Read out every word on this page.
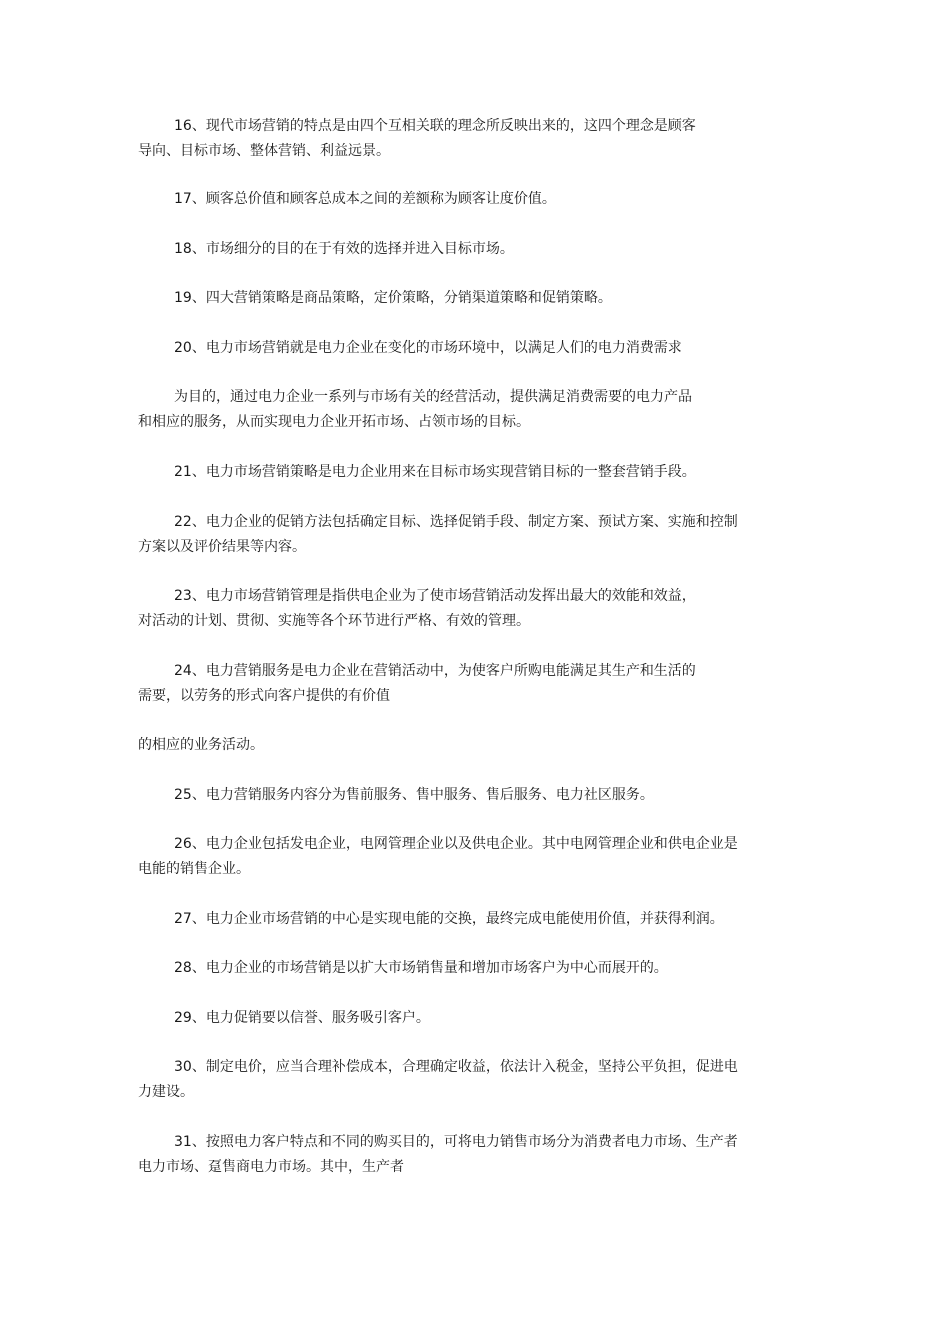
16、现代市场营销的特点是由四个互相关联的理念所反映出来的，这四个理念是顾客
导向、目标市场、整体营销、利益远景。
17、顾客总价值和顾客总成本之间的差额称为顾客让度价值。
18、市场细分的目的在于有效的选择并进入目标市场。
19、四大营销策略是商品策略，定价策略，分销渠道策略和促销策略。
20、电力市场营销就是电力企业在变化的市场环境中，以满足人们的电力消费需求
为目的，通过电力企业一系列与市场有关的经营活动，提供满足消费需要的电力产品
和相应的服务，从而实现电力企业开拓市场、占领市场的目标。
21、电力市场营销策略是电力企业用来在目标市场实现营销目标的一整套营销手段。
22、电力企业的促销方法包括确定目标、选择促销手段、制定方案、预试方案、实施和控制
方案以及评价结果等内容。
23、电力市场营销管理是指供电企业为了使市场营销活动发挥出最大的效能和效益，
对活动的计划、贯彻、实施等各个环节进行严格、有效的管理。
24、电力营销服务是电力企业在营销活动中，为使客户所购电能满足其生产和生活的
需要，以劳务的形式向客户提供的有价值
的相应的业务活动。
25、电力营销服务内容分为售前服务、售中服务、售后服务、电力社区服务。
26、电力企业包括发电企业，电网管理企业以及供电企业。其中电网管理企业和供电企业是
电能的销售企业。
27、电力企业市场营销的中心是实现电能的交换，最终完成电能使用价值，并获得利润。
28、电力企业的市场营销是以扩大市场销售量和增加市场客户为中心而展开的。
29、电力促销要以信誉、服务吸引客户。
30、制定电价，应当合理补偿成本，合理确定收益，依法计入税金，坚持公平负担，促进电
力建设。
31、按照电力客户特点和不同的购买目的，可将电力销售市场分为消费者电力市场、生产者
电力市场、趸售商电力市场。其中，生产者
